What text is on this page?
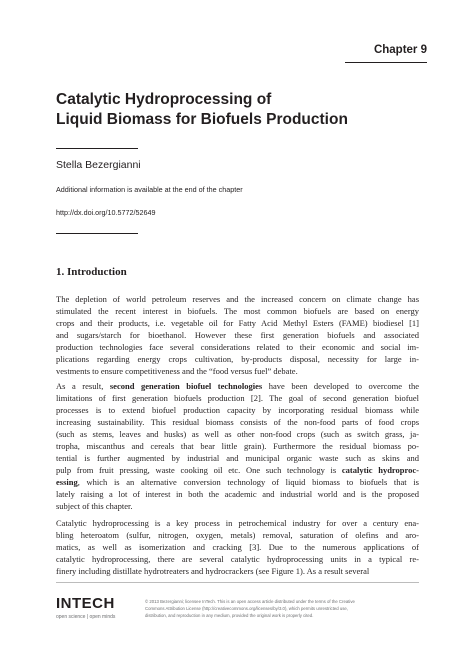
Chapter 9
Catalytic Hydroprocessing of
Liquid Biomass for Biofuels Production
Stella Bezergianni
Additional information is available at the end of the chapter
http://dx.doi.org/10.5772/52649
1. Introduction
The depletion of world petroleum reserves and the increased concern on climate change has
stimulated the recent interest in biofuels. The most common biofuels are based on energy
crops and their products, i.e. vegetable oil for Fatty Acid Methyl Esters (FAME) biodiesel [1]
and sugars/starch for bioethanol. However these first generation biofuels and associated
production technologies face several considerations related to their economic and social im-
plications regarding energy crops cultivation, by-products disposal, necessity for large in-
vestments to ensure competitiveness and the “food versus fuel” debate.
As a result, second generation biofuel technologies have been developed to overcome the
limitations of first generation biofuels production [2]. The goal of second generation biofuel
processes is to extend biofuel production capacity by incorporating residual biomass while
increasing sustainability. This residual biomass consists of the non-food parts of food crops
(such as stems, leaves and husks) as well as other non-food crops (such as switch grass, ja-
tropha, miscanthus and cereals that bear little grain). Furthermore the residual biomass po-
tential is further augmented by industrial and municipal organic waste such as skins and
pulp from fruit pressing, waste cooking oil etc. One such technology is catalytic hydroproc-
essing, which is an alternative conversion technology of liquid biomass to biofuels that is
lately raising a lot of interest in both the academic and industrial world and is the proposed
subject of this chapter.
Catalytic hydroprocessing is a key process in petrochemical industry for over a century ena-
bling heteroatom (sulfur, nitrogen, oxygen, metals) removal, saturation of olefins and aro-
matics, as well as isomerization and cracking [3]. Due to the numerous applications of
catalytic hydroprocessing, there are several catalytic hydroprocessing units in a typical re-
finery including distillate hydrotreaters and hydrocrackers (see Figure 1). As a result several
INTECH
open science | open minds
© 2013 Bezergianni; licensee InTech. This is an open access article distributed under the terms of the Creative
Commons Attribution License (http://creativecommons.org/licenses/by/3.0), which permits unrestricted use,
distribution, and reproduction in any medium, provided the original work is properly cited.
